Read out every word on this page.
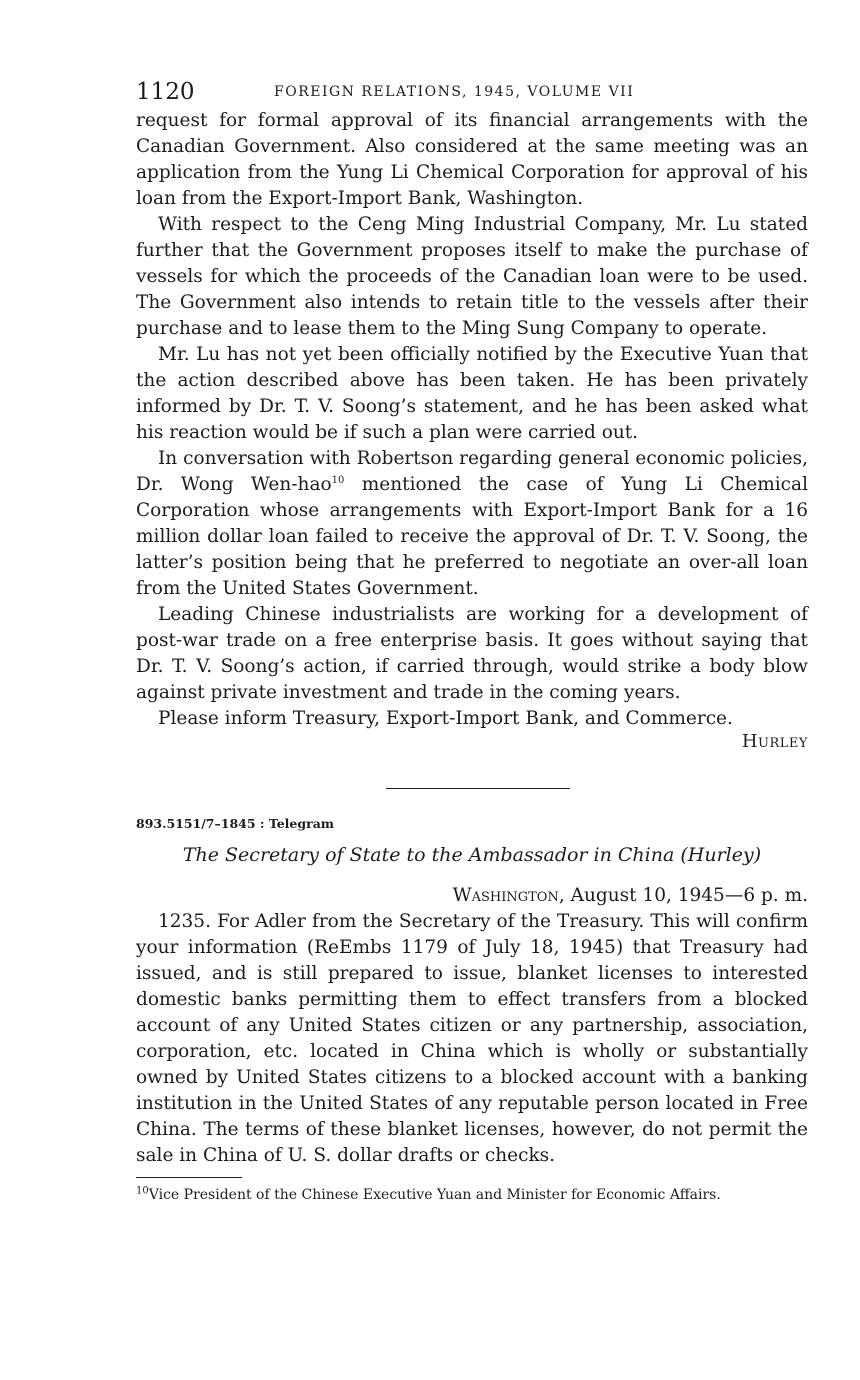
1120	FOREIGN RELATIONS, 1945, VOLUME VII

request for formal approval of its financial arrangements with the Canadian Government. Also considered at the same meeting was an application from the Yung Li Chemical Corporation for approval of his loan from the Export-Import Bank, Washington.

With respect to the Ceng Ming Industrial Company, Mr. Lu stated further that the Government proposes itself to make the purchase of vessels for which the proceeds of the Canadian loan were to be used. The Government also intends to retain title to the vessels after their purchase and to lease them to the Ming Sung Company to operate.

Mr. Lu has not yet been officially notified by the Executive Yuan that the action described above has been taken. He has been privately informed by Dr. T. V. Soong’s statement, and he has been asked what his reaction would be if such a plan were carried out.

In conversation with Robertson regarding general economic policies, Dr. Wong Wen-hao$^{10}$ mentioned the case of Yung Li Chemical Corporation whose arrangements with Export-Import Bank for a 16 million dollar loan failed to receive the approval of Dr. T. V. Soong, the latter’s position being that he preferred to negotiate an over-all loan from the United States Government.

Leading Chinese industrialists are working for a development of post-war trade on a free enterprise basis. It goes without saying that Dr. T. V. Soong’s action, if carried through, would strike a body blow against private investment and trade in the coming years.

Please inform Treasury, Export-Import Bank, and Commerce.

Hurley
893.5151/7–1845 : Telegram
The Secretary of State to the Ambassador in China (Hurley)
Washington, August 10, 1945—6 p. m.

1235. For Adler from the Secretary of the Treasury. This will confirm your information (ReEmbs 1179 of July 18, 1945) that Treasury had issued, and is still prepared to issue, blanket licenses to interested domestic banks permitting them to effect transfers from a blocked account of any United States citizen or any partnership, association, corporation, etc. located in China which is wholly or substantially owned by United States citizens to a blocked account with a banking institution in the United States of any reputable person located in Free China. The terms of these blanket licenses, however, do not permit the sale in China of U. S. dollar drafts or checks.

$^{10}$Vice President of the Chinese Executive Yuan and Minister for Economic Affairs.
